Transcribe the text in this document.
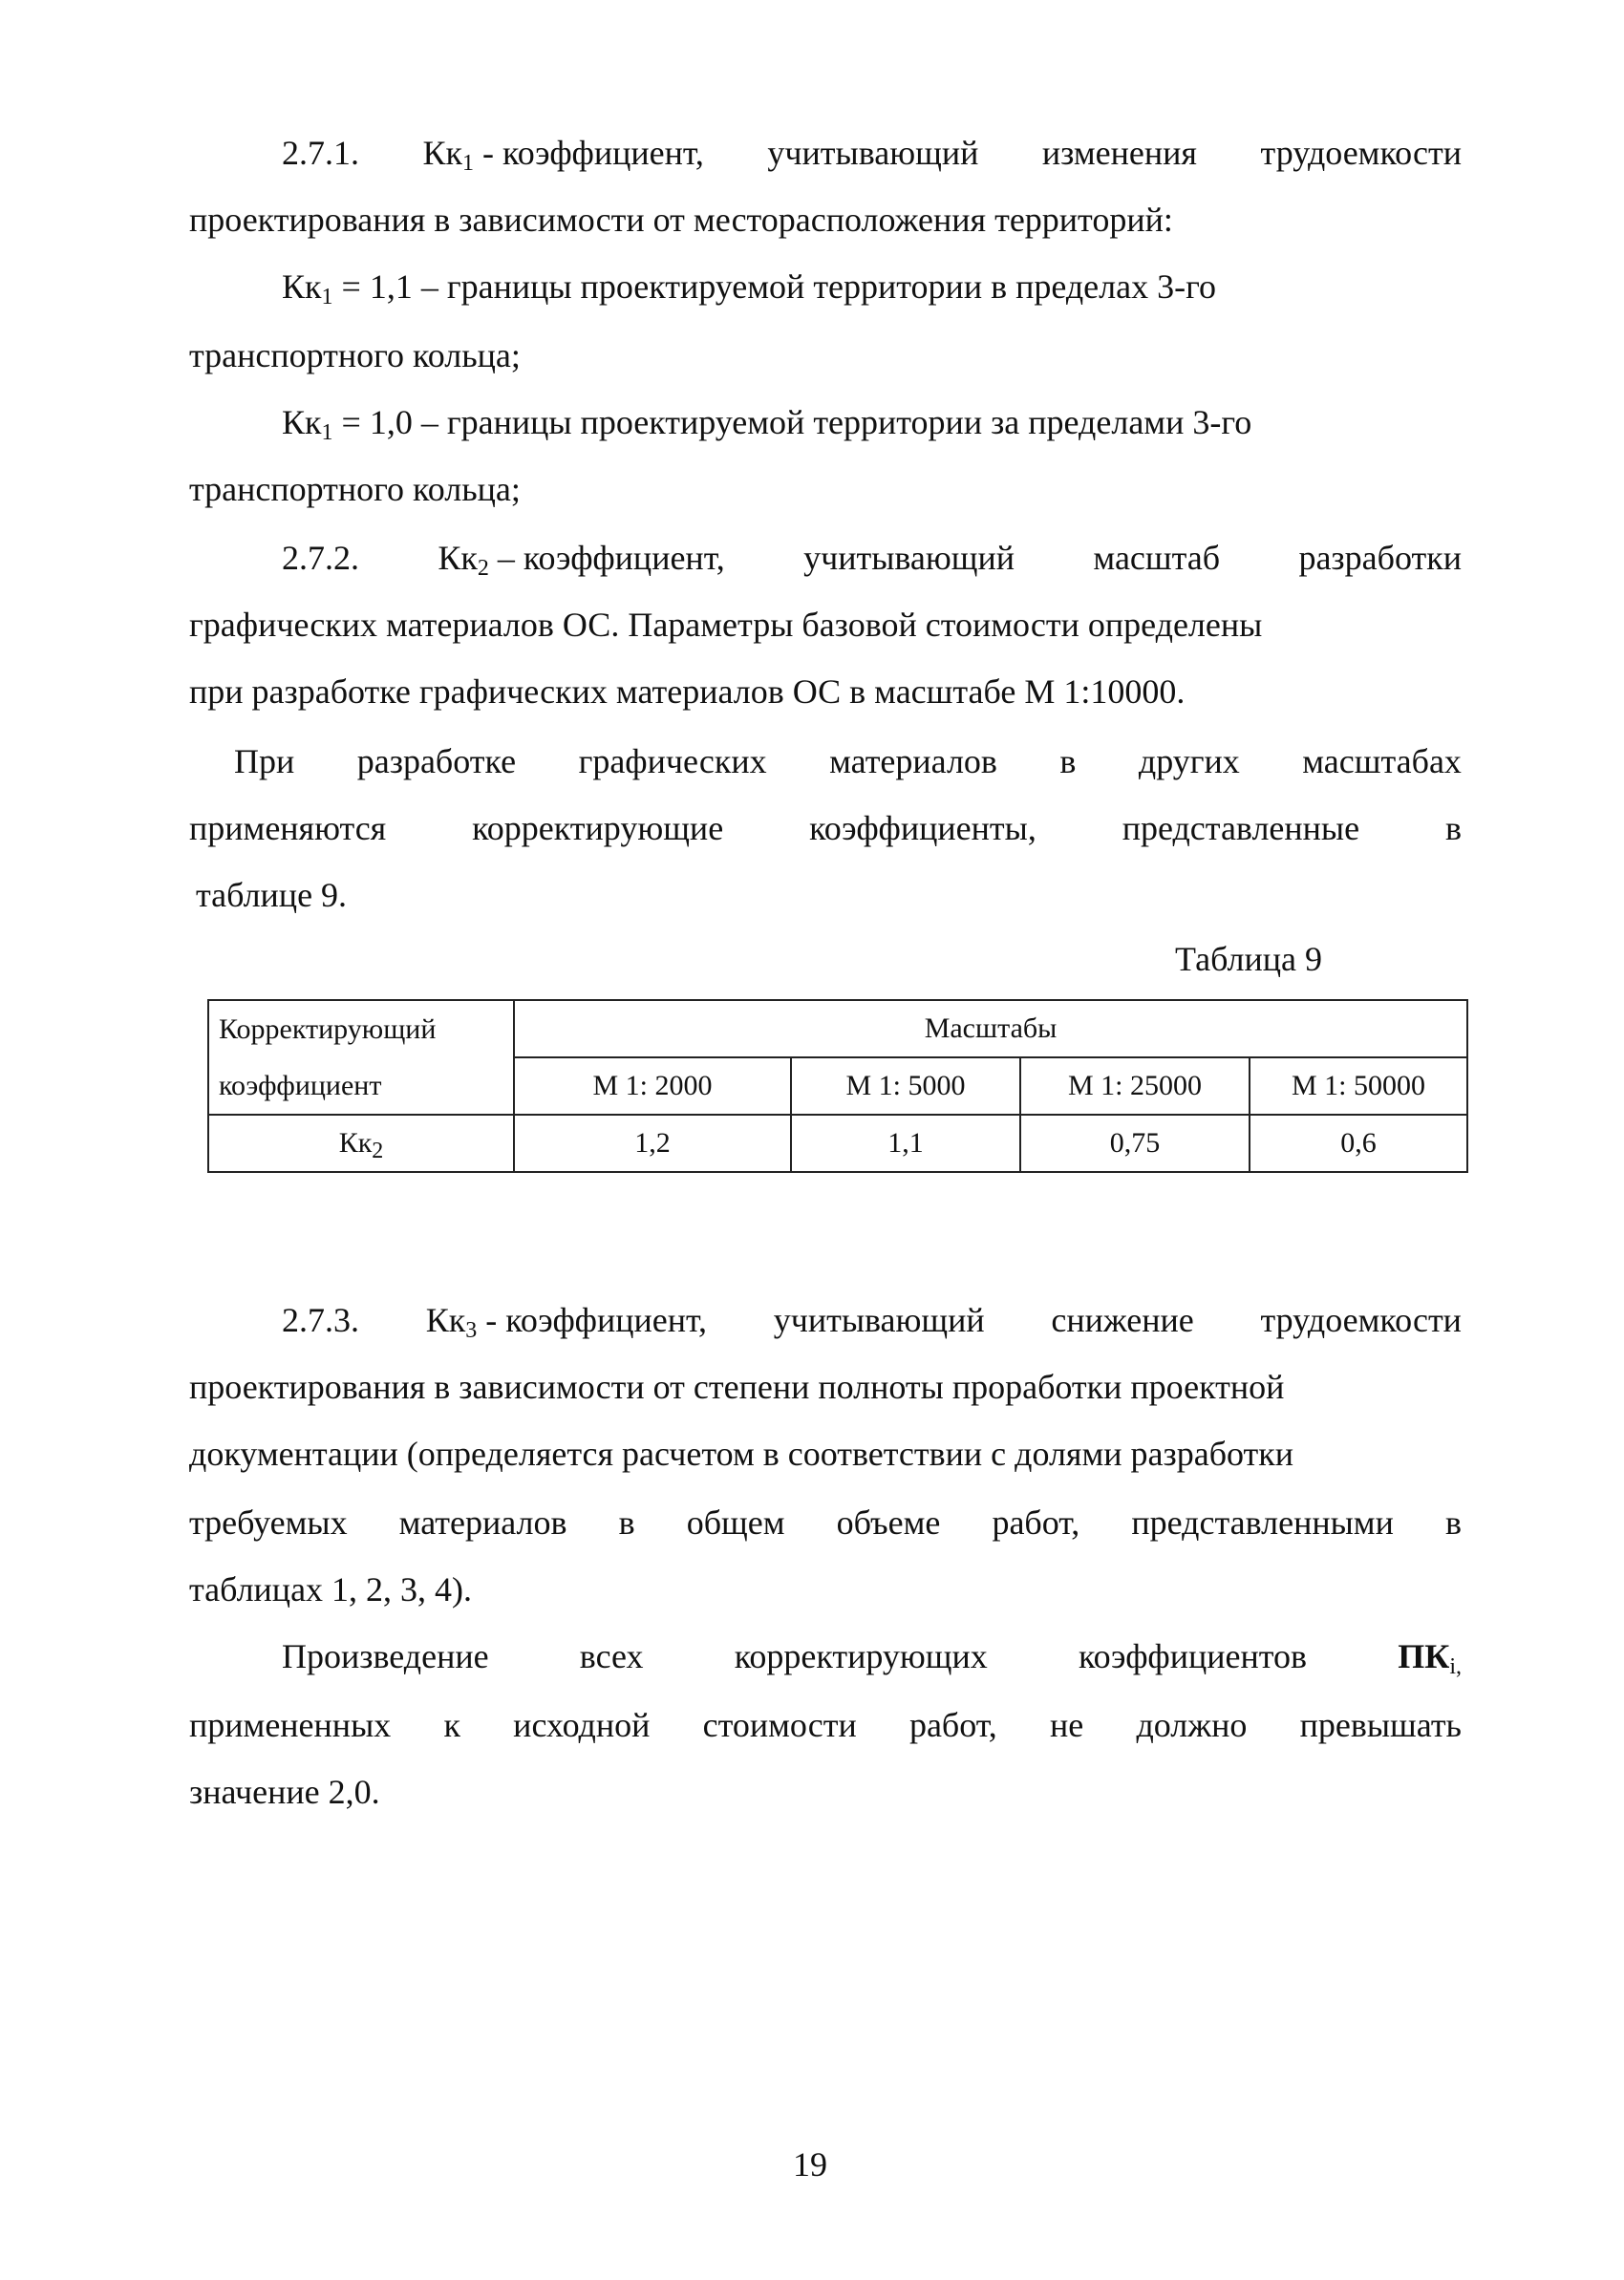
2.7.1. $Кк_1$ - коэффициент, учитывающий изменения трудоемкости
проектирования в зависимости от месторасположения территорий:
$Кк_1 = 1,1$ – границы проектируемой территории в пределах 3-го
транспортного кольца;
$Кк_1 = 1,0$ – границы проектируемой территории за пределами 3-го
транспортного кольца;
2.7.2. $Кк_2$ – коэффициент, учитывающий масштаб разработки
графических материалов ОС. Параметры базовой стоимости определены
при разработке графических материалов ОС в масштабе М 1:10000.
При разработке графических материалов в других масштабах
применяются корректирующие коэффициенты, представленные в
таблице 9.
Таблица 9
Корректирующий	Масштабы			
коэффициент	М 1: 2000	М 1: 5000	М 1: 25000	М 1: 50000
$Кк_2$	1,2	1,1	0,75	0,6
2.7.3. $Кк_3$ - коэффициент, учитывающий снижение трудоемкости
проектирования в зависимости от степени полноты проработки проектной
документации (определяется расчетом в соответствии с долями разработки
требуемых материалов в общем объеме работ, представленными в
таблицах 1, 2, 3, 4).
Произведение	всех	корректирующих	коэффициентов	$ПК_{i,}$
примененных к исходной стоимости работ, не должно превышать
значение 2,0.
19
